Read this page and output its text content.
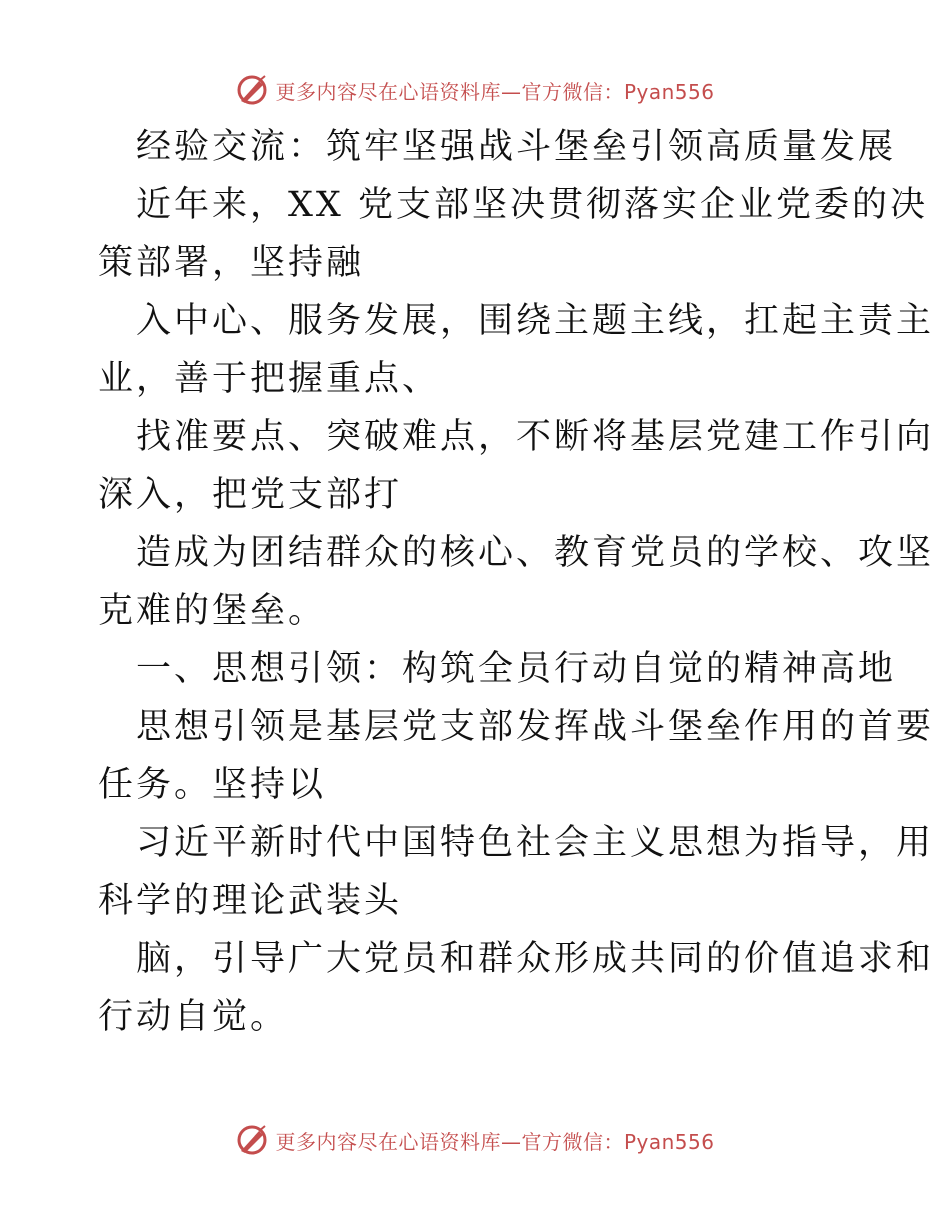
更多内容尽在心语资料库—官方微信：Pyan556
经验交流：筑牢坚强战斗堡垒引领高质量发展
近年来，XX 党支部坚决贯彻落实企业党委的决
策部署，坚持融
入中心、服务发展，围绕主题主线，扛起主责主
业，善于把握重点、
找准要点、突破难点，不断将基层党建工作引向
深入，把党支部打
造成为团结群众的核心、教育党员的学校、攻坚
克难的堡垒。
一、思想引领：构筑全员行动自觉的精神高地
思想引领是基层党支部发挥战斗堡垒作用的首要
任务。坚持以
习近平新时代中国特色社会主义思想为指导，用
科学的理论武装头
脑，引导广大党员和群众形成共同的价值追求和
行动自觉。
更多内容尽在心语资料库—官方微信：Pyan556
